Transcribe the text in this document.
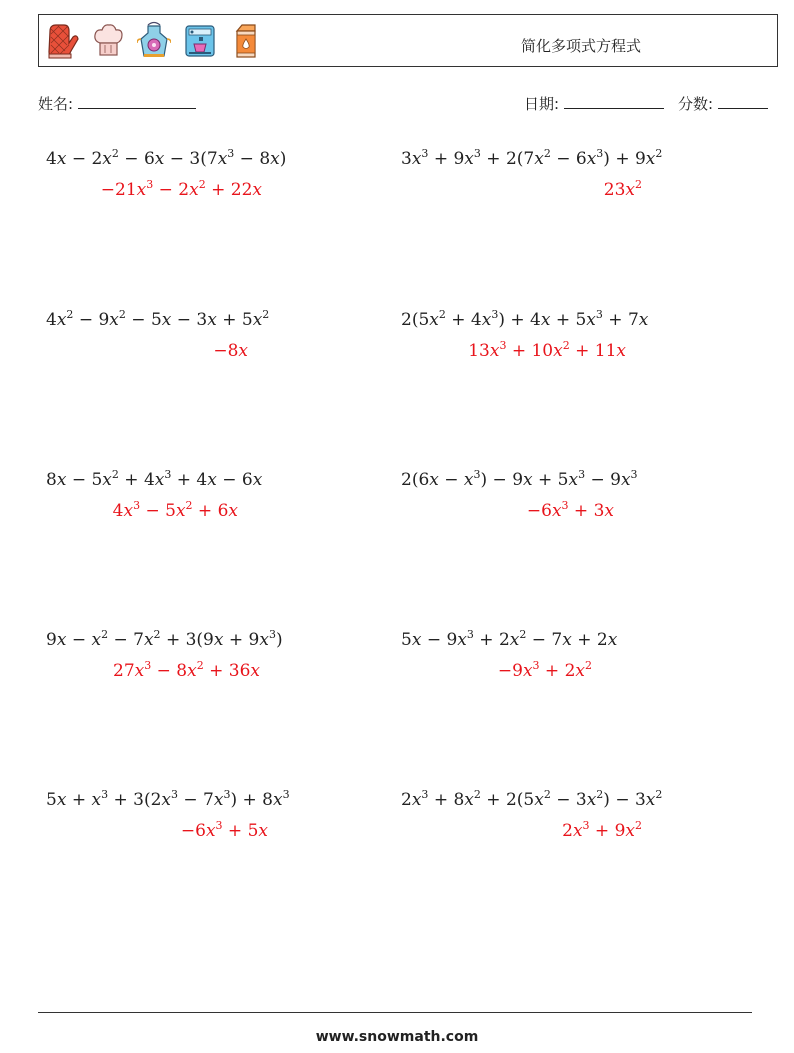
简化多项式方程式
姓名:	日期:	分数:
$4x - 2x^2 - 6x - 3(7x^3 - 8x)$
$-21x^3 - 2x^2 + 22x$
$3x^3 + 9x^3 + 2(7x^2 - 6x^3) + 9x^2$
$23x^2$
$4x^2 - 9x^2 - 5x - 3x + 5x^2$
−8x
$2(5x^2 + 4x^3) + 4x + 5x^3 + 7x$
$13x^3 + 10x^2 + 11x$
$8x - 5x^2 + 4x^3 + 4x - 6x$
$4x^3 - 5x^2 + 6x$
$2(6x - x^3) - 9x + 5x^3 - 9x^3$
$-6x^3 + 3x$
$9x - x^2 - 7x^2 + 3(9x + 9x^3)$
$27x^3 - 8x^2 + 36x$
$5x - 9x^3 + 2x^2 - 7x + 2x$
$-9x^3 + 2x^2$
$5x + x^3 + 3(2x^3 - 7x^3) + 8x^3$
$-6x^3 + 5x$
$2x^3 + 8x^2 + 2(5x^2 - 3x^2) - 3x^2$
$2x^3 + 9x^2$
www.snowmath.com
